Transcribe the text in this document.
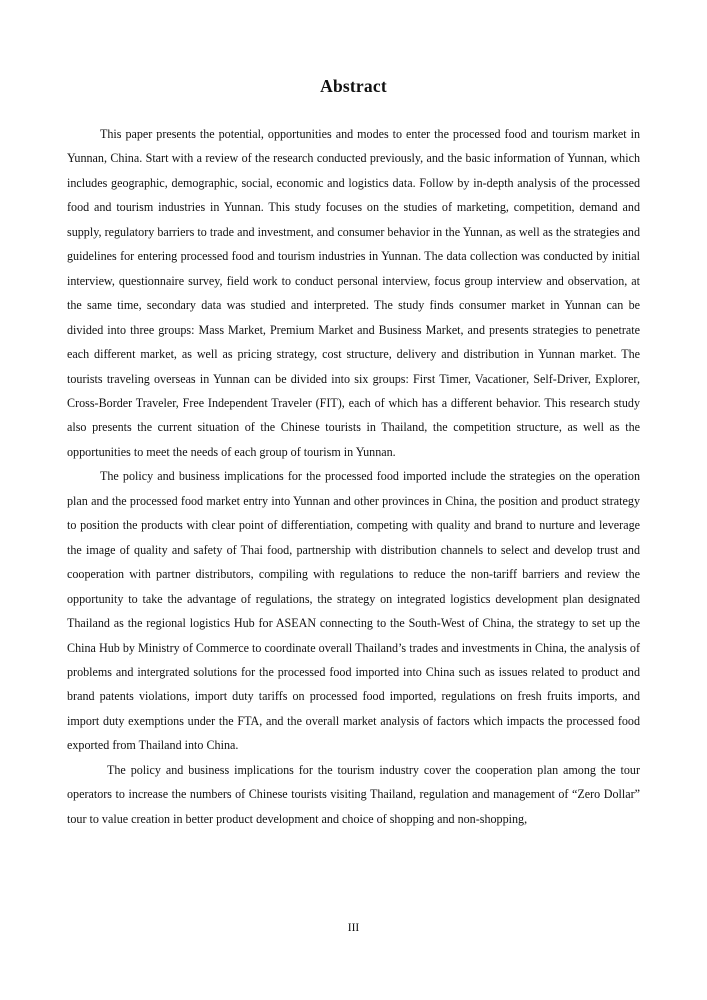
Abstract

This paper presents the potential, opportunities and modes to enter the processed food and tourism market in Yunnan, China. Start with a review of the research conducted previously, and the basic information of Yunnan, which includes geographic, demographic, social, economic and logistics data. Follow by in-depth analysis of the processed food and tourism industries in Yunnan. This study focuses on the studies of marketing, competition, demand and supply, regulatory barriers to trade and investment, and consumer behavior in the Yunnan, as well as the strategies and guidelines for entering processed food and tourism industries in Yunnan. The data collection was conducted by initial interview, questionnaire survey, field work to conduct personal interview, focus group interview and observation, at the same time, secondary data was studied and interpreted. The study finds consumer market in Yunnan can be divided into three groups: Mass Market, Premium Market and Business Market, and presents strategies to penetrate each different market, as well as pricing strategy, cost structure, delivery and distribution in Yunnan market. The tourists traveling overseas in Yunnan can be divided into six groups: First Timer, Vacationer, Self-Driver, Explorer, Cross-Border Traveler, Free Independent Traveler (FIT), each of which has a different behavior. This research study also presents the current situation of the Chinese tourists in Thailand, the competition structure, as well as the opportunities to meet the needs of each group of tourism in Yunnan.

The policy and business implications for the processed food imported include the strategies on the operation plan and the processed food market entry into Yunnan and other provinces in China, the position and product strategy to position the products with clear point of differentiation, competing with quality and brand to nurture and leverage the image of quality and safety of Thai food, partnership with distribution channels to select and develop trust and cooperation with partner distributors, compiling with regulations to reduce the non-tariff barriers and review the opportunity to take the advantage of regulations, the strategy on integrated logistics development plan designated Thailand as the regional logistics Hub for ASEAN connecting to the South-West of China, the strategy to set up the China Hub by Ministry of Commerce to coordinate overall Thailand’s trades and investments in China, the analysis of problems and intergrated solutions for the processed food imported into China such as issues related to product and brand patents violations, import duty tariffs on processed food imported, regulations on fresh fruits imports, and import duty exemptions under the FTA, and the overall market analysis of factors which impacts the processed food exported from Thailand into China.

The policy and business implications for the tourism industry cover the cooperation plan among the tour operators to increase the numbers of Chinese tourists visiting Thailand, regulation and management of “Zero Dollar” tour to value creation in better product development and choice of shopping and non-shopping,

III
